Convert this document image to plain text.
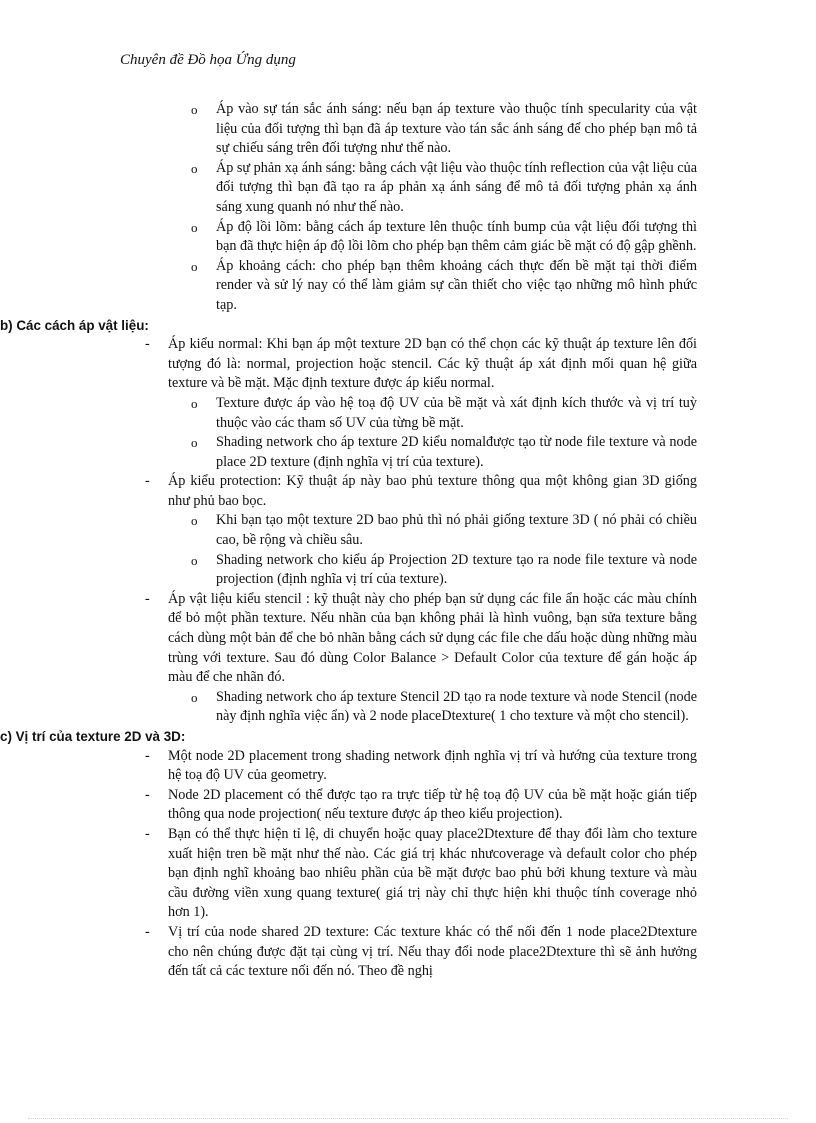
Chuyên đề Đồ họa Ứng dụng
o Áp vào sự tán sắc ánh sáng: nếu bạn áp texture vào thuộc tính specularity của vật liệu của đối tượng thì bạn đã áp texture vào tán sắc ánh sáng để cho phép bạn mô tả sự chiếu sáng trên đối tượng như thế nào.
o Áp sự phản xạ ánh sáng: bằng cách vật liệu vào thuộc tính reflection của vật liệu của đối tượng thì bạn đã tạo ra áp phản xạ ánh sáng để mô tả đối tượng phản xạ ánh sáng xung quanh nó như thế nào.
o Áp độ lồi lõm: bằng cách áp texture lên thuộc tính bump của vật liệu đối tượng thì bạn đã thực hiện áp độ lồi lõm cho phép bạn thêm cảm giác bề mặt có độ gập ghềnh.
o Áp khoảng cách: cho phép bạn thêm khoảng cách thực đến bề mặt tại thời điểm render và sử lý nay có thể làm giảm sự cần thiết cho việc tạo những mô hình phức tạp.

b) Các cách áp vật liệu:

- Áp kiểu normal: Khi bạn áp một texture 2D bạn có thể chọn các kỹ thuật áp texture lên đối tượng đó là: normal, projection hoặc stencil. Các kỹ thuật áp xát định mối quan hệ giữa texture và bề mặt. Mặc định texture được áp kiểu normal.
o Texture được áp vào hệ toạ độ UV của bề mặt và xát định kích thước và vị trí tuỳ thuộc vào các tham số UV của từng bề mặt.
o Shading network cho áp texture 2D kiểu nomalđược tạo từ node file texture và node place 2D texture (định nghĩa vị trí của texture).
- Áp kiểu protection: Kỹ thuật áp này bao phủ texture thông qua một không gian 3D giống như phủ bao bọc.
o Khi bạn tạo một texture 2D bao phủ thì nó phải giống texture 3D ( nó phải có chiều cao, bề rộng và chiều sâu.
o Shading network cho kiểu áp Projection 2D texture tạo ra node file texture và node projection (định nghĩa vị trí của texture).
- Áp vật liệu kiểu stencil : kỹ thuật này cho phép bạn sử dụng các file ẩn hoặc các màu chính để bỏ một phần texture. Nếu nhãn của bạn không phải là hình vuông, bạn sửa texture bằng cách dùng một bản để che bỏ nhãn bằng cách sử dụng các file che dấu hoặc dùng những màu trùng với texture. Sau đó dùng Color Balance > Default Color của texture để gán hoặc áp màu để che nhãn đó.
o Shading network cho áp texture Stencil 2D tạo ra node texture và node Stencil (node này định nghĩa việc ẩn) và 2 node placeDtexture( 1 cho texture và một cho stencil).

c) Vị trí của texture 2D và 3D:

- Một node 2D placement trong shading network định nghĩa vị trí và hướng của texture trong hệ toạ độ UV của geometry.
- Node 2D placement có thể được tạo ra trực tiếp từ hệ toạ độ UV của bề mặt hoặc gián tiếp thông qua node projection( nếu texture được áp theo kiểu projection).
- Bạn có thể thực hiện tỉ lệ, di chuyển hoặc quay place2Dtexture để thay đổi làm cho texture xuất hiện tren bề mặt như thế nào. Các giá trị khác nhưcoverage và default color cho phép bạn định nghĩ khoảng bao nhiêu phần của bề mặt được bao phủ bởi khung texture và màu cầu đường viền xung quang texture( giá trị này chỉ thực hiện khi thuộc tính coverage nhỏ hơn 1).
- Vị trí của node shared 2D texture: Các texture khác có thể nối đến 1 node place2Dtexture cho nên chúng được đặt tại cùng vị trí. Nếu thay đổi node place2Dtexture thì sẽ ảnh hưởng đến tất cả các texture nối đến nó. Theo đề nghị
